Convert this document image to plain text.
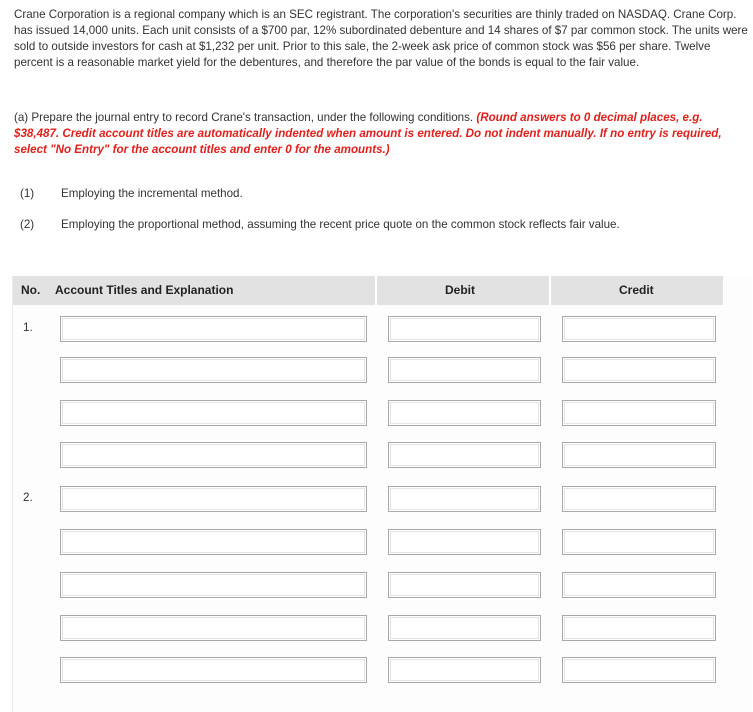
Crane Corporation is a regional company which is an SEC registrant. The corporation's securities are thinly traded on NASDAQ. Crane Corp. has issued 14,000 units. Each unit consists of a $700 par, 12% subordinated debenture and 14 shares of $7 par common stock. The units were sold to outside investors for cash at $1,232 per unit. Prior to this sale, the 2-week ask price of common stock was $56 per share. Twelve percent is a reasonable market yield for the debentures, and therefore the par value of the bonds is equal to the fair value.
(a) Prepare the journal entry to record Crane's transaction, under the following conditions. (Round answers to 0 decimal places, e.g. $38,487. Credit account titles are automatically indented when amount is entered. Do not indent manually. If no entry is required, select "No Entry" for the account titles and enter 0 for the amounts.)
(1)	Employing the incremental method.
(2)	Employing the proportional method, assuming the recent price quote on the common stock reflects fair value.
No. Account Titles and Explanation	Debit	Credit
1.
2.
